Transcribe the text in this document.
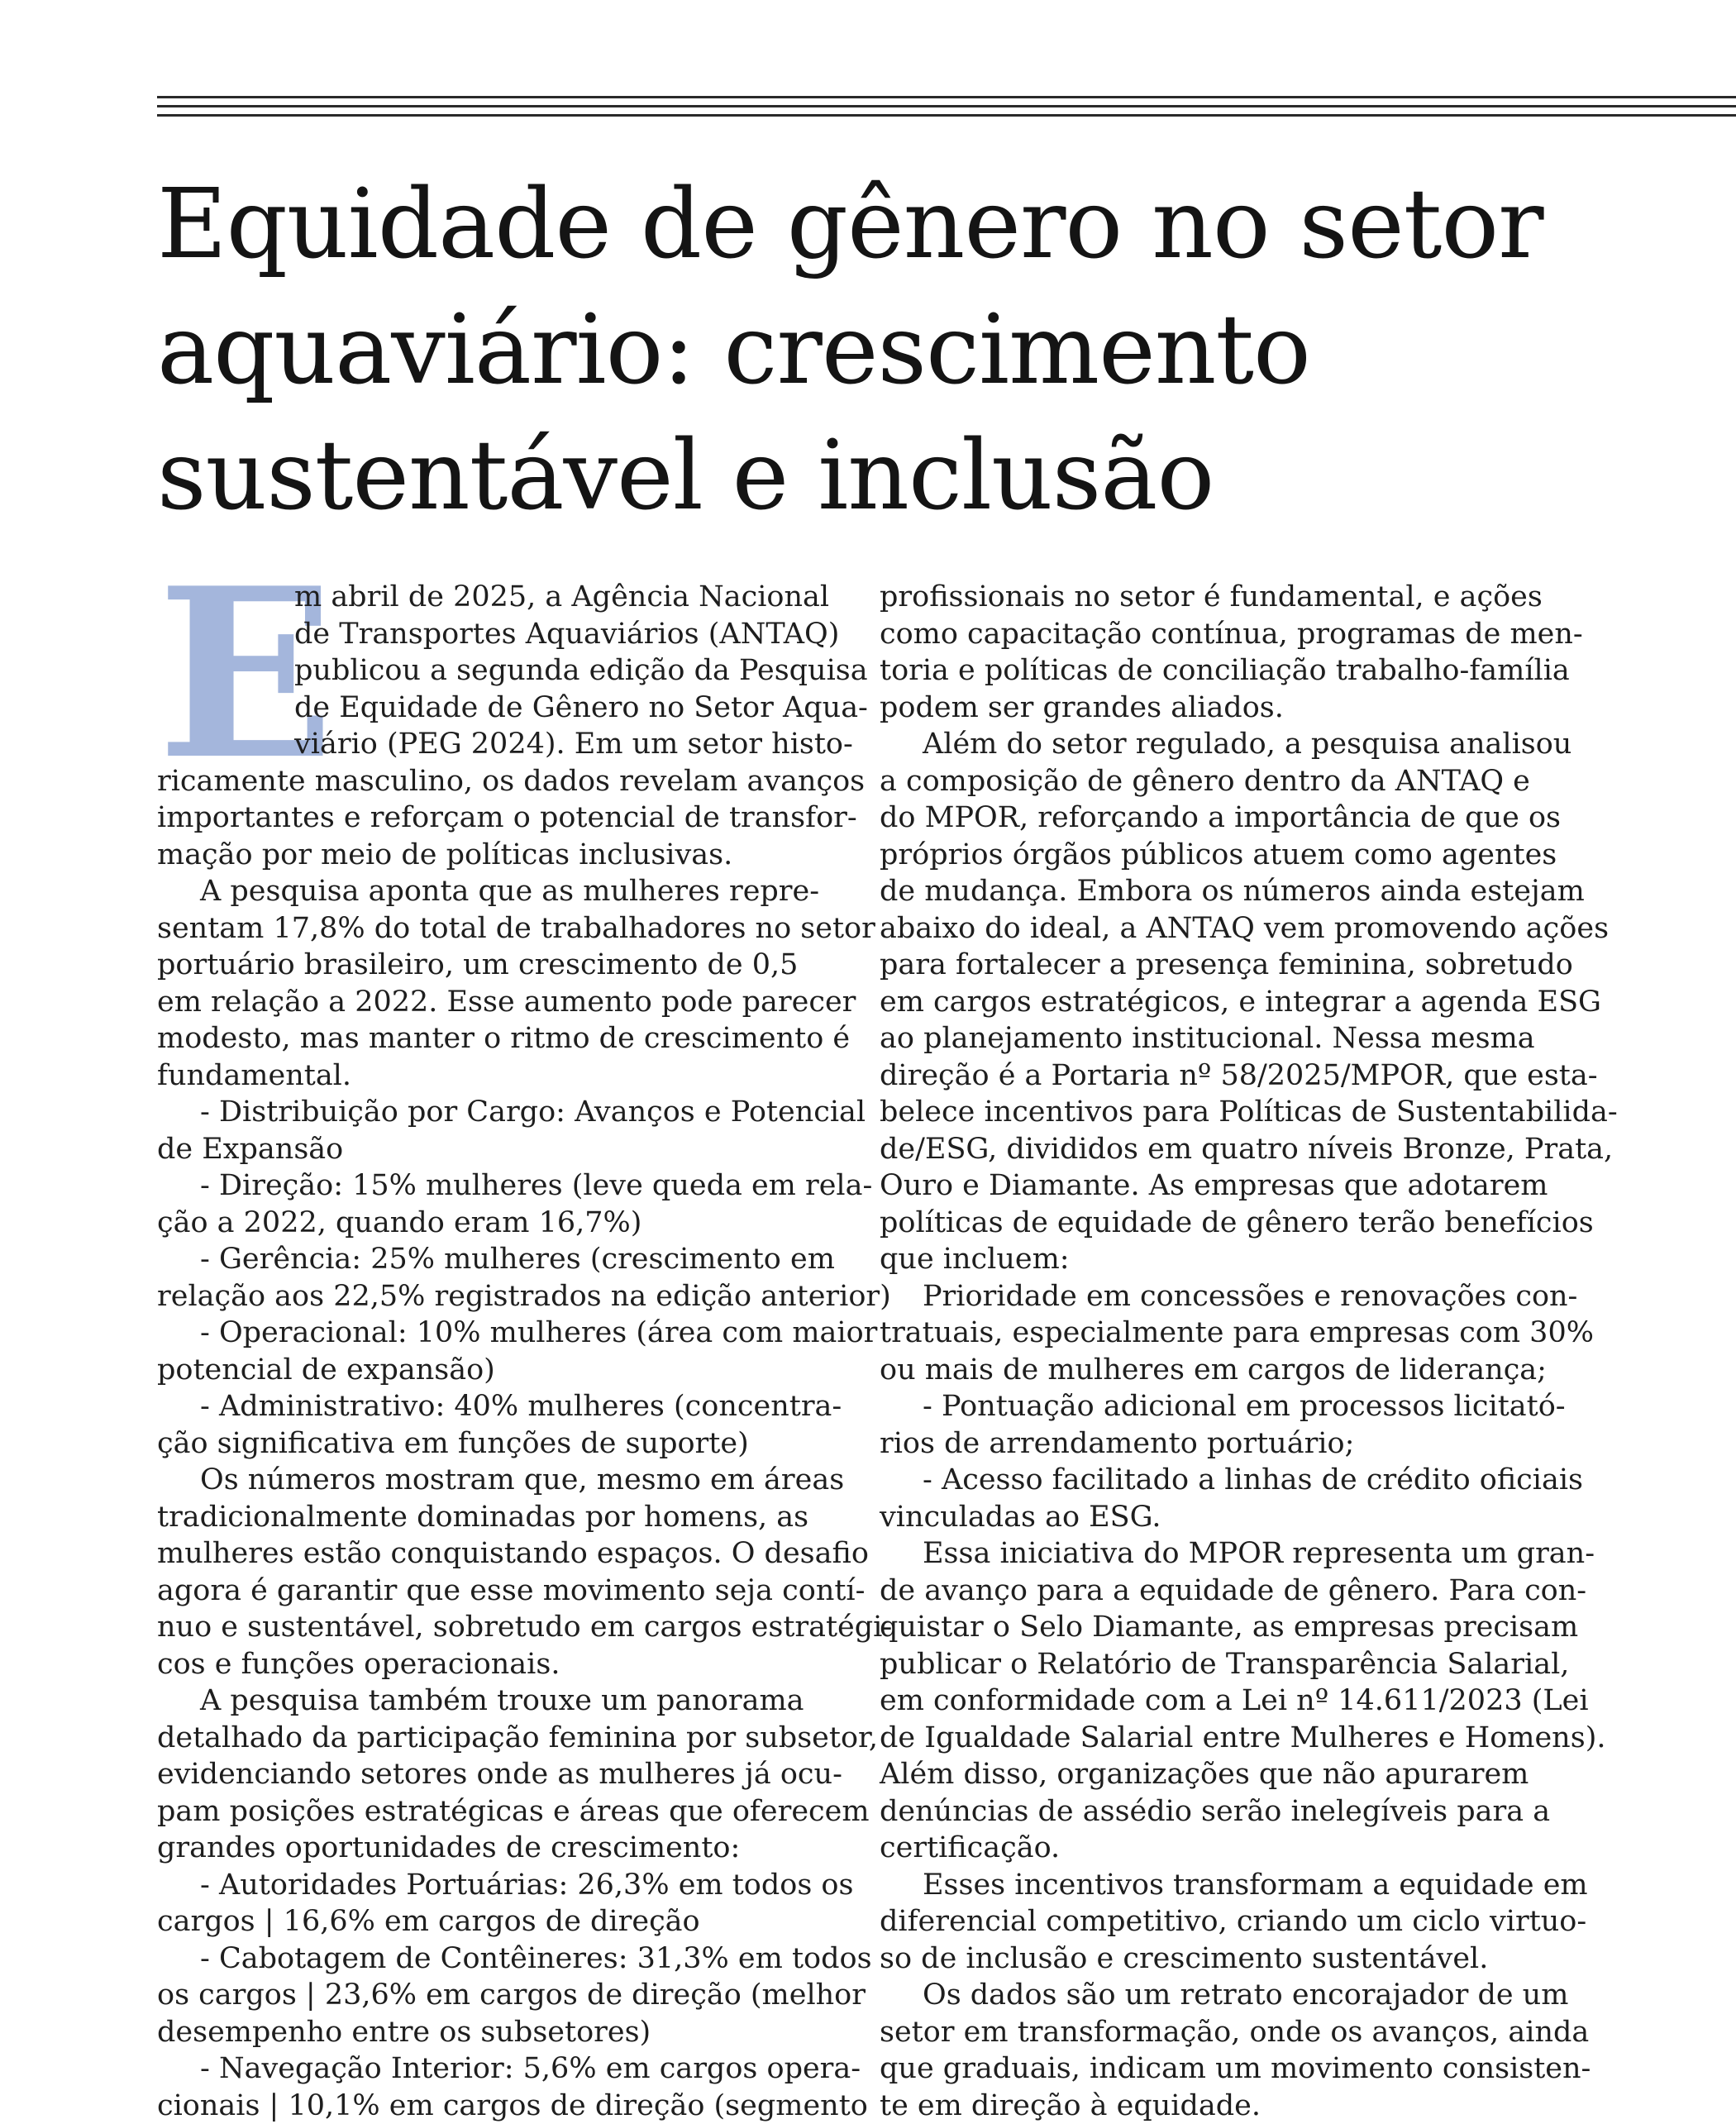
Equidade de gênero no setor
aquaviário: crescimento
sustentável e inclusão
E
m abril de 2025, a Agência Nacional
de Transportes Aquaviários (ANTAQ)
publicou a segunda edição da Pesquisa
de Equidade de Gênero no Setor Aqua-
viário (PEG 2024). Em um setor histo-
ricamente masculino, os dados revelam avanços
importantes e reforçam o potencial de transfor-
mação por meio de políticas inclusivas.
A pesquisa aponta que as mulheres repre-
sentam 17,8% do total de trabalhadores no setor
portuário brasileiro, um crescimento de 0,5
em relação a 2022. Esse aumento pode parecer
modesto, mas manter o ritmo de crescimento é
fundamental.
- Distribuição por Cargo: Avanços e Potencial
de Expansão
- Direção: 15% mulheres (leve queda em rela-
ção a 2022, quando eram 16,7%)
- Gerência: 25% mulheres (crescimento em
relação aos 22,5% registrados na edição anterior)
- Operacional: 10% mulheres (área com maior
potencial de expansão)
- Administrativo: 40% mulheres (concentra-
ção significativa em funções de suporte)
Os números mostram que, mesmo em áreas
tradicionalmente dominadas por homens, as
mulheres estão conquistando espaços. O desafio
agora é garantir que esse movimento seja contí-
nuo e sustentável, sobretudo em cargos estratégi-
cos e funções operacionais.
A pesquisa também trouxe um panorama
detalhado da participação feminina por subsetor,
evidenciando setores onde as mulheres já ocu-
pam posições estratégicas e áreas que oferecem
grandes oportunidades de crescimento:
- Autoridades Portuárias: 26,3% em todos os
cargos | 16,6% em cargos de direção
- Cabotagem de Contêineres: 31,3% em todos
os cargos | 23,6% em cargos de direção (melhor
desempenho entre os subsetores)
- Navegação Interior: 5,6% em cargos opera-
cionais | 10,1% em cargos de direção (segmento
profissionais no setor é fundamental, e ações
como capacitação contínua, programas de men-
toria e políticas de conciliação trabalho-família
podem ser grandes aliados.
Além do setor regulado, a pesquisa analisou
a composição de gênero dentro da ANTAQ e
do MPOR, reforçando a importância de que os
próprios órgãos públicos atuem como agentes
de mudança. Embora os números ainda estejam
abaixo do ideal, a ANTAQ vem promovendo ações
para fortalecer a presença feminina, sobretudo
em cargos estratégicos, e integrar a agenda ESG
ao planejamento institucional. Nessa mesma
direção é a Portaria nº 58/2025/MPOR, que esta-
belece incentivos para Políticas de Sustentabilida-
de/ESG, divididos em quatro níveis Bronze, Prata,
Ouro e Diamante. As empresas que adotarem
políticas de equidade de gênero terão benefícios
que incluem:
Prioridade em concessões e renovações con-
tratuais, especialmente para empresas com 30%
ou mais de mulheres em cargos de liderança;
- Pontuação adicional em processos licitató-
rios de arrendamento portuário;
- Acesso facilitado a linhas de crédito oficiais
vinculadas ao ESG.
Essa iniciativa do MPOR representa um gran-
de avanço para a equidade de gênero. Para con-
quistar o Selo Diamante, as empresas precisam
publicar o Relatório de Transparência Salarial,
em conformidade com a Lei nº 14.611/2023 (Lei
de Igualdade Salarial entre Mulheres e Homens).
Além disso, organizações que não apurarem
denúncias de assédio serão inelegíveis para a
certificação.
Esses incentivos transformam a equidade em
diferencial competitivo, criando um ciclo virtuo-
so de inclusão e crescimento sustentável.
Os dados são um retrato encorajador de um
setor em transformação, onde os avanços, ainda
que graduais, indicam um movimento consisten-
te em direção à equidade.
